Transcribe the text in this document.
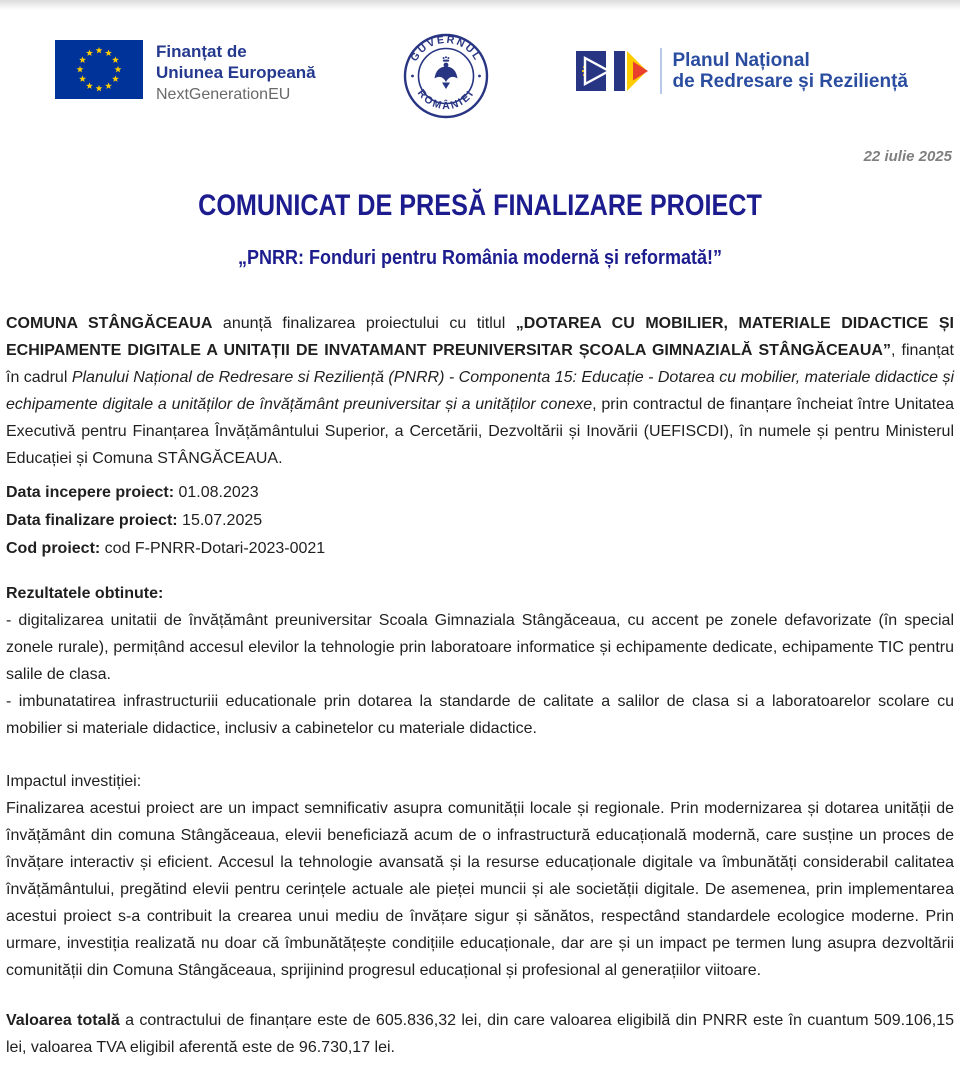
Finanțat de
Uniunea Europeană
NextGenerationEU
GUVERNUL
ROMÂNIEI
Planul Național
de Redresare și Reziliență
22 iulie 2025
COMUNICAT DE PRESĂ FINALIZARE PROIECT
„PNRR: Fonduri pentru România modernă și reformată!”

COMUNA STÂNGĂCEAUA anunță finalizarea proiectului cu titlul „DOTAREA CU MOBILIER, MATERIALE DIDACTICE ȘI ECHIPAMENTE DIGITALE A UNITAȚII DE INVATAMANT PREUNIVERSITAR ȘCOALA GIMNAZIALĂ STÂNGĂCEAUA”, finanțat în cadrul Planului Național de Redresare si Reziliență (PNRR) - Componenta 15: Educație - Dotarea cu mobilier, materiale didactice și echipamente digitale a unităților de învățământ preuniversitar și a unităților conexe, prin contractul de finanțare încheiat între Unitatea Executivă pentru Finanțarea Învățământului Superior, a Cercetării, Dezvoltării și Inovării (UEFISCDI), în numele și pentru Ministerul Educației și Comuna STÂNGĂCEAUA.

Data incepere proiect: 01.08.2023

Data finalizare proiect: 15.07.2025

Cod proiect: cod F-PNRR-Dotari-2023-0021

Rezultatele obtinute:

- digitalizarea unitatii de învățământ preuniversitar Scoala Gimnaziala Stângăceaua, cu accent pe zonele defavorizate (în special zonele rurale), permițând accesul elevilor la tehnologie prin laboratoare informatice și echipamente dedicate, echipamente TIC pentru salile de clasa.

- imbunatatirea infrastructuriii educationale prin dotarea la standarde de calitate a salilor de clasa si a laboratoarelor scolare cu mobilier si materiale didactice, inclusiv a cabinetelor cu materiale didactice.

Impactul investiției:

Finalizarea acestui proiect are un impact semnificativ asupra comunității locale și regionale. Prin modernizarea și dotarea unității de învățământ din comuna Stângăceaua, elevii beneficiază acum de o infrastructură educațională modernă, care susține un proces de învățare interactiv și eficient. Accesul la tehnologie avansată și la resurse educaționale digitale va îmbunătăți considerabil calitatea învățământului, pregătind elevii pentru cerințele actuale ale pieței muncii și ale societății digitale. De asemenea, prin implementarea acestui proiect s-a contribuit la crearea unui mediu de învățare sigur și sănătos, respectând standardele ecologice moderne. Prin urmare, investiția realizată nu doar că îmbunătățește condițiile educaționale, dar are și un impact pe termen lung asupra dezvoltării comunității din Comuna Stângăceaua, sprijinind progresul educațional și profesional al generațiilor viitoare.

Valoarea totală a contractului de finanțare este de 605.836,32 lei, din care valoarea eligibilă din PNRR este în cuantum 509.106,15 lei, valoarea TVA eligibil aferentă este de 96.730,17 lei.
